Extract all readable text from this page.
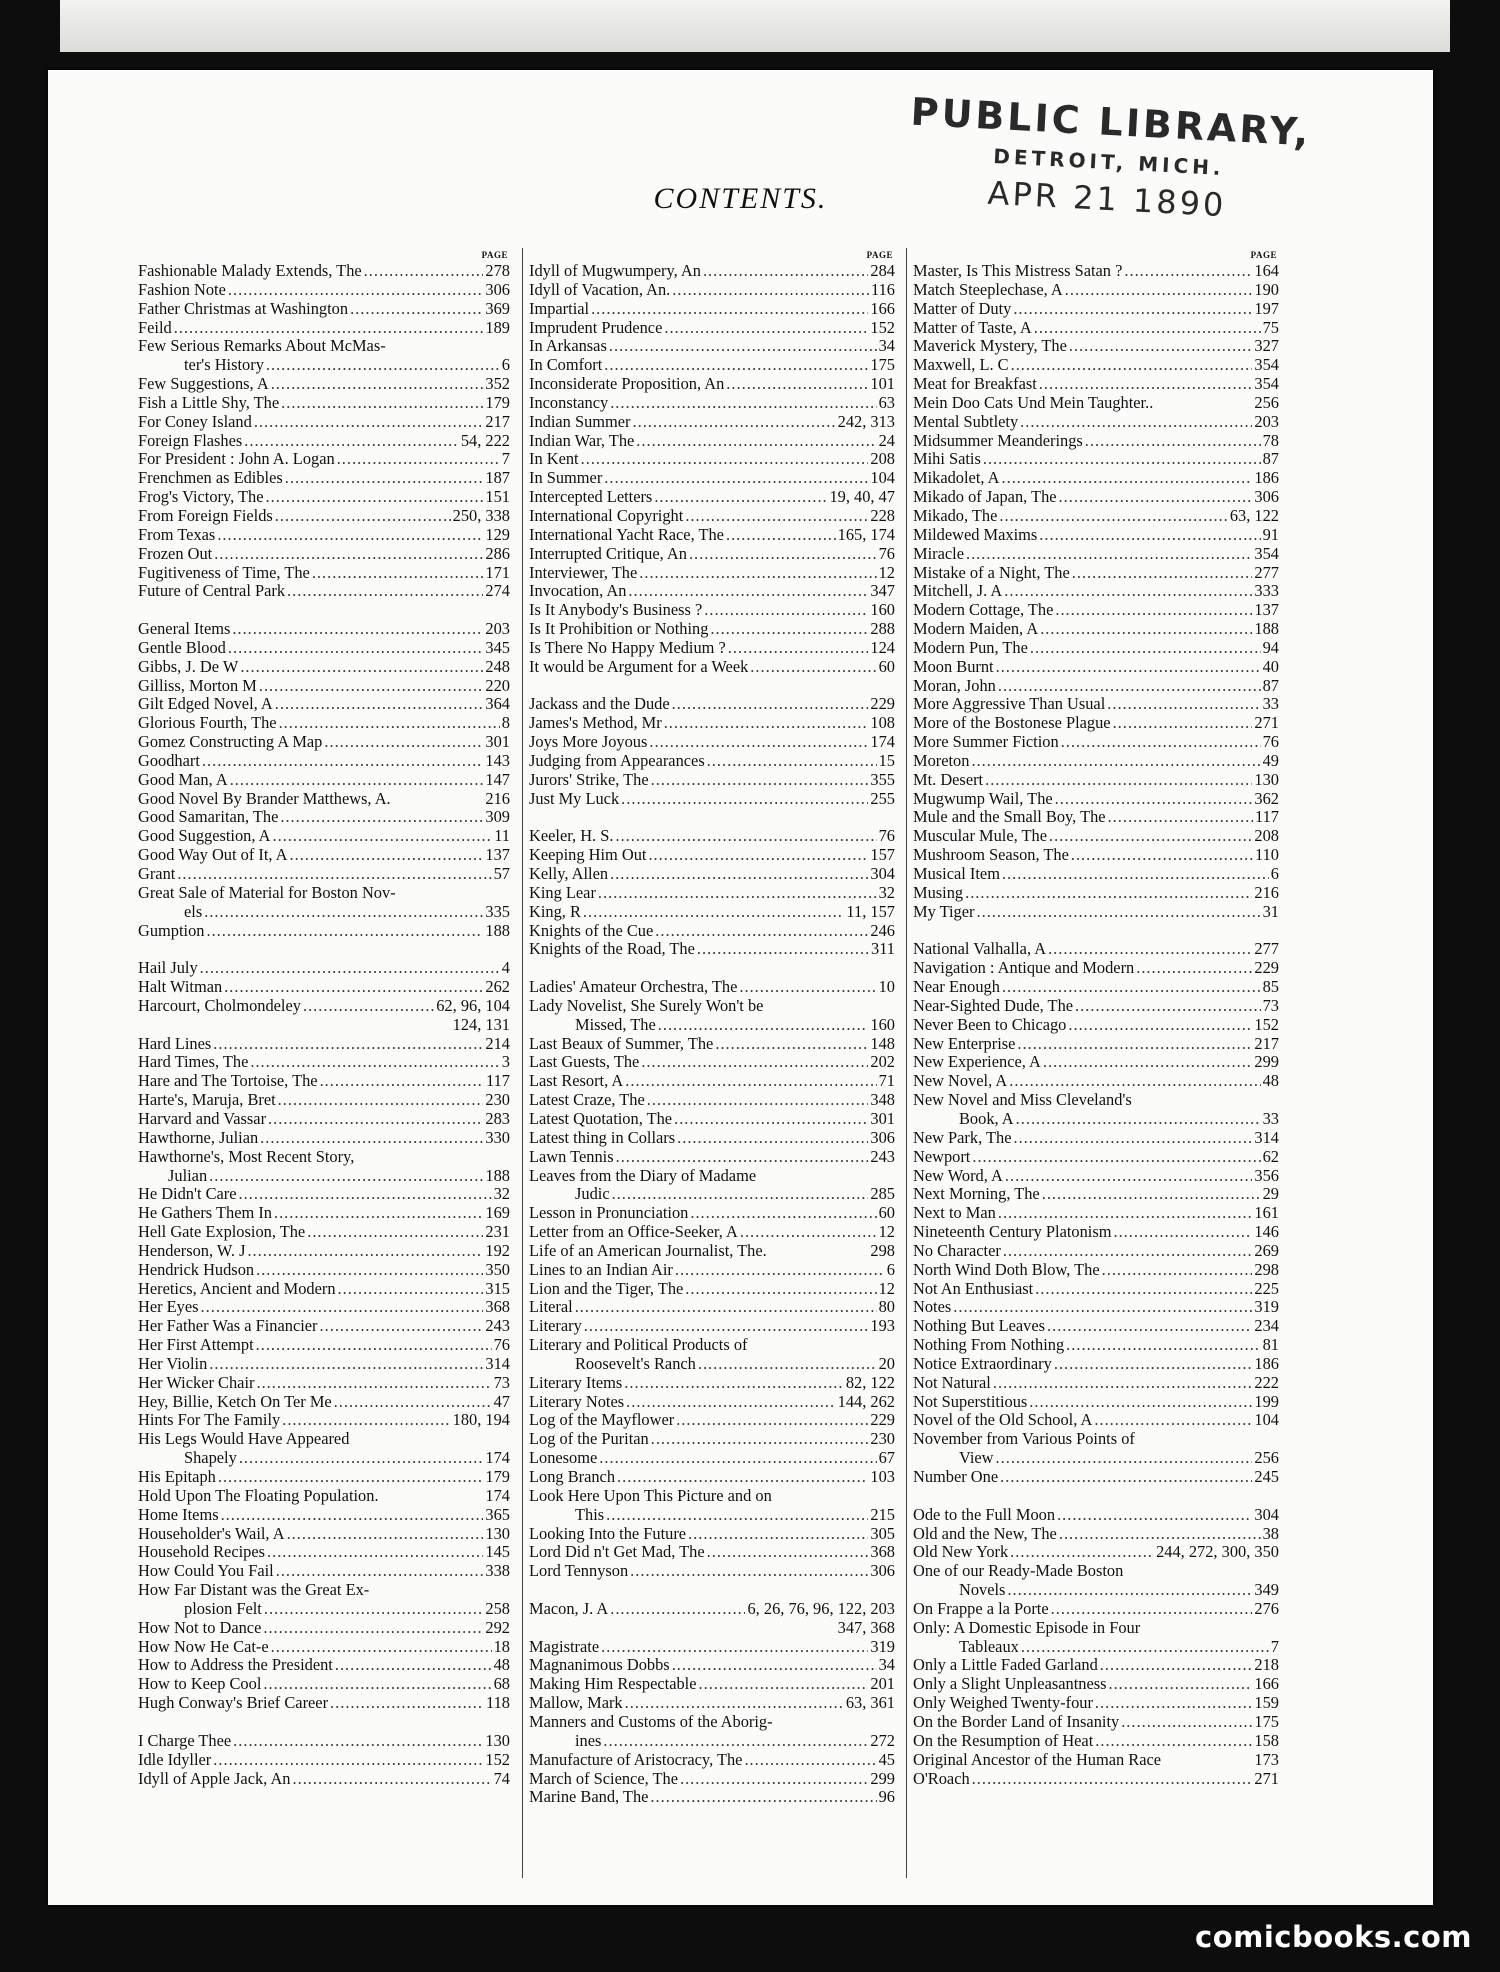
PUBLIC LIBRARY,
DETROIT, MICH.
APR 21 1890
CONTENTS.
PAGE
Fashionable Malady Extends, The .....	278
Fashion Note .....	306
Father Christmas at Washington .....	369
Feild .....	189
Few Serious Remarks About McMas-
ter's History .....	6
Few Suggestions, A .....	352
Fish a Little Shy, The .....	179
For Coney Island .....	217
Foreign Flashes .....	54, 222
For President : John A. Logan .....	7
Frenchmen as Edibles .....	187
Frog's Victory, The .....	151
From Foreign Fields .....	250, 338
From Texas .....	129
Frozen Out .....	286
Fugitiveness of Time, The .....	171
Future of Central Park .....	274
General Items .....	203
Gentle Blood .....	345
Gibbs, J. De W .....	248
Gilliss, Morton M .....	220
Gilt Edged Novel, A .....	364
Glorious Fourth, The .....	8
Gomez Constructing A Map .....	301
Goodhart .....	143
Good Man, A .....	147
Good Novel By Brander Matthews, A.	216
Good Samaritan, The .....	309
Good Suggestion, A .....	11
Good Way Out of It, A .....	137
Grant .....	57
Great Sale of Material for Boston Nov-
els .....	335
Gumption .....	188
Hail July .....	4
Halt Witman .....	262
Harcourt, Cholmondeley .....	62, 96, 104
124, 131
Hard Lines .....	214
Hard Times, The .....	3
Hare and The Tortoise, The .....	117
Harte's, Maruja, Bret .....	230
Harvard and Vassar .....	283
Hawthorne, Julian .....	330
Hawthorne's, Most Recent Story,
Julian .....	188
He Didn't Care .....	32
He Gathers Them In .....	169
Hell Gate Explosion, The .....	231
Henderson, W. J .....	192
Hendrick Hudson .....	350
Heretics, Ancient and Modern .....	315
Her Eyes .....	368
Her Father Was a Financier .....	243
Her First Attempt .....	76
Her Violin .....	314
Her Wicker Chair .....	73
Hey, Billie, Ketch On Ter Me .....	47
Hints For The Family .....	180, 194
His Legs Would Have Appeared
Shapely .....	174
His Epitaph .....	179
Hold Upon The Floating Population.	174
Home Items .....	365
Householder's Wail, A .....	130
Household Recipes .....	145
How Could You Fail .....	338
How Far Distant was the Great Ex-
plosion Felt .....	258
How Not to Dance .....	292
How Now He Cat-e .....	18
How to Address the President .....	48
How to Keep Cool .....	68
Hugh Conway's Brief Career .....	118
I Charge Thee .....	130
Idle Idyller .....	152
Idyll of Apple Jack, An .....	74
PAGE
Idyll of Mugwumpery, An .....	284
Idyll of Vacation, An. .....	116
Impartial .....	166
Imprudent Prudence .....	152
In Arkansas .....	34
In Comfort .....	175
Inconsiderate Proposition, An .....	101
Inconstancy .....	63
Indian Summer .....	242, 313
Indian War, The .....	24
In Kent .....	208
In Summer .....	104
Intercepted Letters .....	19, 40, 47
International Copyright .....	228
International Yacht Race, The .....	165, 174
Interrupted Critique, An .....	76
Interviewer, The .....	12
Invocation, An .....	347
Is It Anybody's Business ? .....	160
Is It Prohibition or Nothing .....	288
Is There No Happy Medium ? .....	124
It would be Argument for a Week .....	60
Jackass and the Dude .....	229
James's Method, Mr .....	108
Joys More Joyous .....	174
Judging from Appearances .....	15
Jurors' Strike, The .....	355
Just My Luck .....	255
Keeler, H. S. .....	76
Keeping Him Out .....	157
Kelly, Allen .....	304
King Lear .....	32
King, R .....	11, 157
Knights of the Cue .....	246
Knights of the Road, The .....	311
Ladies' Amateur Orchestra, The .....	10
Lady Novelist, She Surely Won't be
Missed, The .....	160
Last Beaux of Summer, The .....	148
Last Guests, The .....	202
Last Resort, A .....	71
Latest Craze, The .....	348
Latest Quotation, The .....	301
Latest thing in Collars .....	306
Lawn Tennis .....	243
Leaves from the Diary of Madame
Judic .....	285
Lesson in Pronunciation .....	60
Letter from an Office-Seeker, A .....	12
Life of an American Journalist, The.	298
Lines to an Indian Air .....	6
Lion and the Tiger, The .....	12
Literal .....	80
Literary .....	193
Literary and Political Products of
Roosevelt's Ranch .....	20
Literary Items .....	82, 122
Literary Notes .....	144, 262
Log of the Mayflower .....	229
Log of the Puritan .....	230
Lonesome .....	67
Long Branch .....	103
Look Here Upon This Picture and on
This .....	215
Looking Into the Future .....	305
Lord Did n't Get Mad, The .....	368
Lord Tennyson .....	306
Macon, J. A .....	6, 26, 76, 96, 122, 203
347, 368
Magistrate .....	319
Magnanimous Dobbs .....	34
Making Him Respectable .....	201
Mallow, Mark .....	63, 361
Manners and Customs of the Aborig-
ines .....	272
Manufacture of Aristocracy, The .....	45
March of Science, The .....	299
Marine Band, The .....	96
PAGE
Master, Is This Mistress Satan ? .....	164
Match Steeplechase, A .....	190
Matter of Duty .....	197
Matter of Taste, A .....	75
Maverick Mystery, The .....	327
Maxwell, L. C .....	354
Meat for Breakfast .....	354
Mein Doo Cats Und Mein Taughter..	256
Mental Subtlety .....	203
Midsummer Meanderings .....	78
Mihi Satis .....	87
Mikadolet, A .....	186
Mikado of Japan, The .....	306
Mikado, The .....	63, 122
Mildewed Maxims .....	91
Miracle .....	354
Mistake of a Night, The .....	277
Mitchell, J. A .....	333
Modern Cottage, The .....	137
Modern Maiden, A .....	188
Modern Pun, The .....	94
Moon Burnt .....	40
Moran, John .....	87
More Aggressive Than Usual .....	33
More of the Bostonese Plague .....	271
More Summer Fiction .....	76
Moreton .....	49
Mt. Desert .....	130
Mugwump Wail, The .....	362
Mule and the Small Boy, The .....	117
Muscular Mule, The .....	208
Mushroom Season, The .....	110
Musical Item .....	6
Musing .....	216
My Tiger .....	31
National Valhalla, A .....	277
Navigation : Antique and Modern .....	229
Near Enough .....	85
Near-Sighted Dude, The .....	73
Never Been to Chicago .....	152
New Enterprise .....	217
New Experience, A .....	299
New Novel, A .....	48
New Novel and Miss Cleveland's
Book, A .....	33
New Park, The .....	314
Newport .....	62
New Word, A .....	356
Next Morning, The .....	29
Next to Man .....	161
Nineteenth Century Platonism .....	146
No Character .....	269
North Wind Doth Blow, The .....	298
Not An Enthusiast .....	225
Notes .....	319
Nothing But Leaves .....	234
Nothing From Nothing .....	81
Notice Extraordinary .....	186
Not Natural .....	222
Not Superstitious .....	199
Novel of the Old School, A .....	104
November from Various Points of
View .....	256
Number One .....	245
Ode to the Full Moon .....	304
Old and the New, The .....	38
Old New York .....	244, 272, 300, 350
One of our Ready-Made Boston
Novels .....	349
On Frappe a la Porte .....	276
Only: A Domestic Episode in Four
Tableaux .....	7
Only a Little Faded Garland .....	218
Only a Slight Unpleasantness .....	166
Only Weighed Twenty-four .....	159
On the Border Land of Insanity .....	175
On the Resumption of Heat .....	158
Original Ancestor of the Human Race	173
O'Roach .....	271
comicbooks.com
